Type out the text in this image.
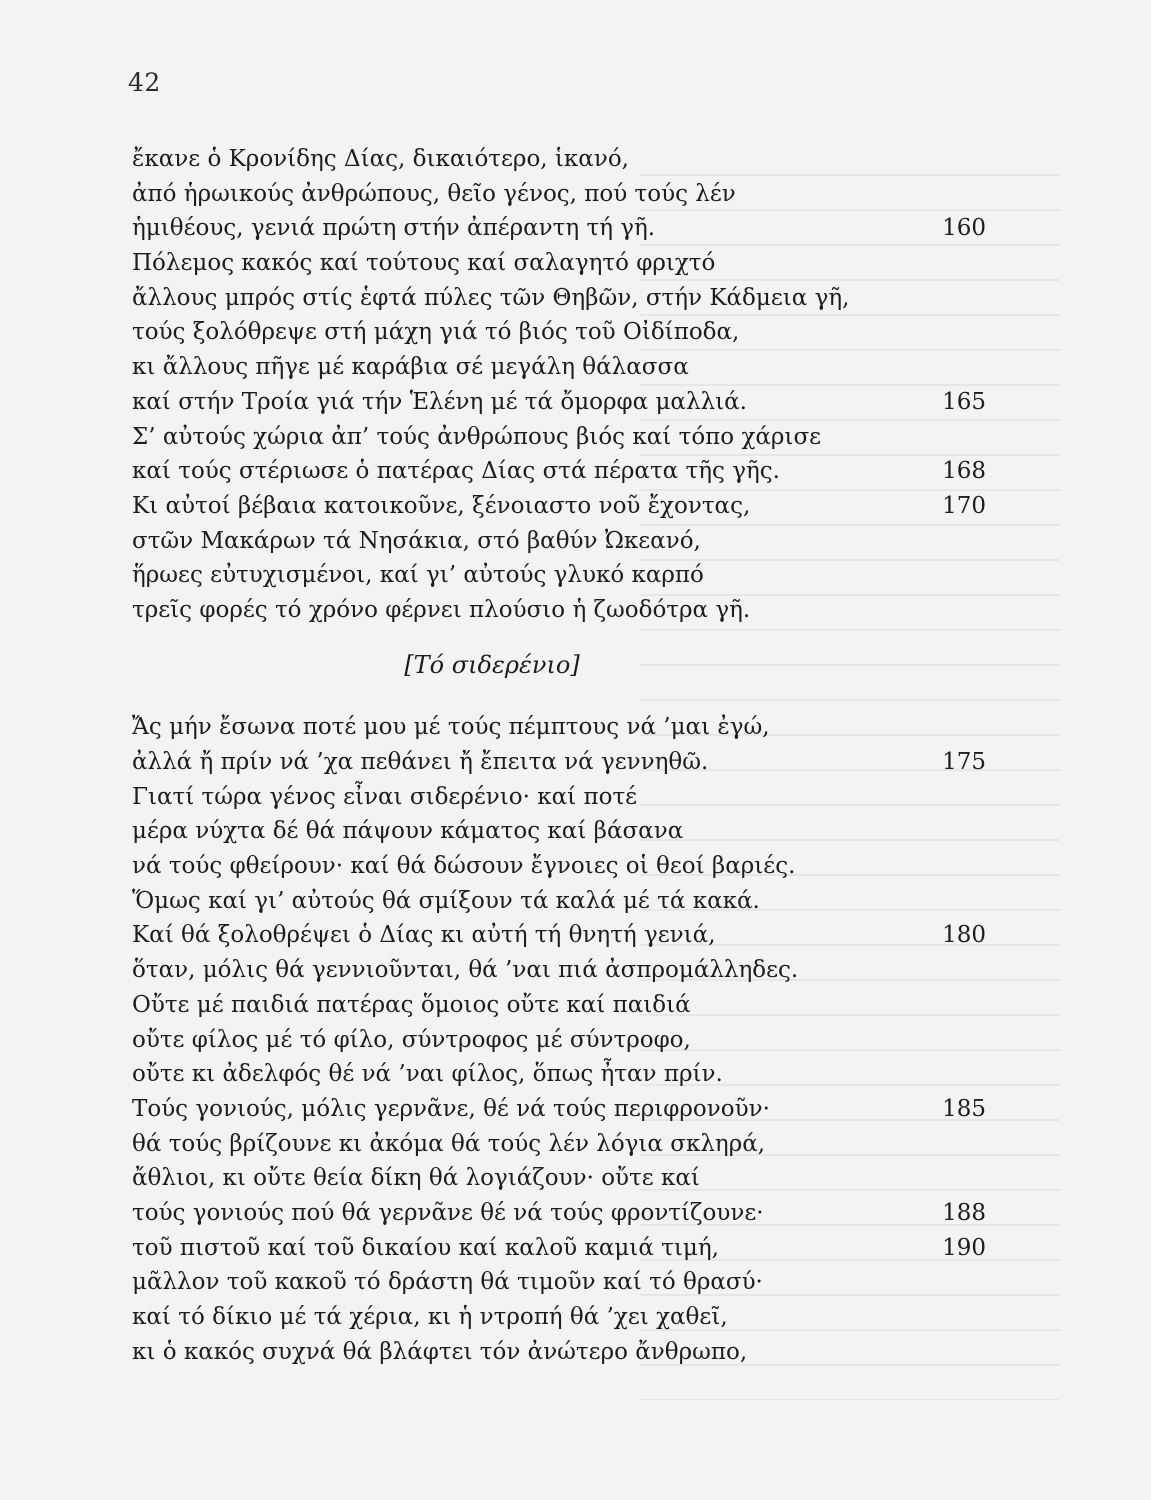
42
ἔκανε ὁ Κρονίδης Δίας, δικαιότερο, ἱκανό,
ἀπό ἡρωικούς ἀνθρώπους, θεῖο γένος, πού τούς λέν
ἡμιθέους, γενιά πρώτη στήν ἀπέραντη τή γῆ.	160
Πόλεμος κακός καί τούτους καί σαλαγητό φριχτό
ἄλλους μπρός στίς ἑφτά πύλες τῶν Θηβῶν, στήν Κάδμεια γῆ,
τούς ξολόθρεψε στή μάχη γιά τό βιός τοῦ Οἰδίποδα,
κι ἄλλους πῆγε μέ καράβια σέ μεγάλη θάλασσα
καί στήν Τροία γιά τήν Ἑλένη μέ τά ὄμορφα μαλλιά.	165
Σ’ αὐτούς χώρια ἀπ’ τούς ἀνθρώπους βιός καί τόπο χάρισε
καί τούς στέριωσε ὁ πατέρας Δίας στά πέρατα τῆς γῆς.	168
Κι αὐτοί βέβαια κατοικοῦνε, ξένοιαστο νοῦ ἔχοντας,	170
στῶν Μακάρων τά Νησάκια, στό βαθύν Ὠκεανό,
ἥρωες εὐτυχισμένοι, καί γι’ αὐτούς γλυκό καρπό
τρεῖς φορές τό χρόνο φέρνει πλούσιο ἡ ζωοδότρα γῆ.
[Τό σιδερένιο]
Ἄς μήν ἔσωνα ποτέ μου μέ τούς πέμπτους νά ’μαι ἐγώ,
ἀλλά ἤ πρίν νά ’χα πεθάνει ἤ ἔπειτα νά γεννηθῶ.	175
Γιατί τώρα γένος εἶναι σιδερένιο· καί ποτέ
μέρα νύχτα δέ θά πάψουν κάματος καί βάσανα
νά τούς φθείρουν· καί θά δώσουν ἔγνοιες οἱ θεοί βαριές.
Ὅμως καί γι’ αὐτούς θά σμίξουν τά καλά μέ τά κακά.
Καί θά ξολοθρέψει ὁ Δίας κι αὐτή τή θνητή γενιά,	180
ὅταν, μόλις θά γεννιοῦνται, θά ’ναι πιά ἀσπρομάλληδες.
Οὔτε μέ παιδιά πατέρας ὅμοιος οὔτε καί παιδιά
οὔτε φίλος μέ τό φίλο, σύντροφος μέ σύντροφο,
οὔτε κι ἀδελφός θέ νά ’ναι φίλος, ὅπως ἦταν πρίν.
Τούς γονιούς, μόλις γερνᾶνε, θέ νά τούς περιφρονοῦν·	185
θά τούς βρίζουνε κι ἀκόμα θά τούς λέν λόγια σκληρά,
ἄθλιοι, κι οὔτε θεία δίκη θά λογιάζουν· οὔτε καί
τούς γονιούς πού θά γερνᾶνε θέ νά τούς φροντίζουνε·	188
τοῦ πιστοῦ καί τοῦ δικαίου καί καλοῦ καμιά τιμή,	190
μᾶλλον τοῦ κακοῦ τό δράστη θά τιμοῦν καί τό θρασύ·
καί τό δίκιο μέ τά χέρια, κι ἡ ντροπή θά ’χει χαθεῖ,
κι ὁ κακός συχνά θά βλάφτει τόν ἀνώτερο ἄνθρωπο,
